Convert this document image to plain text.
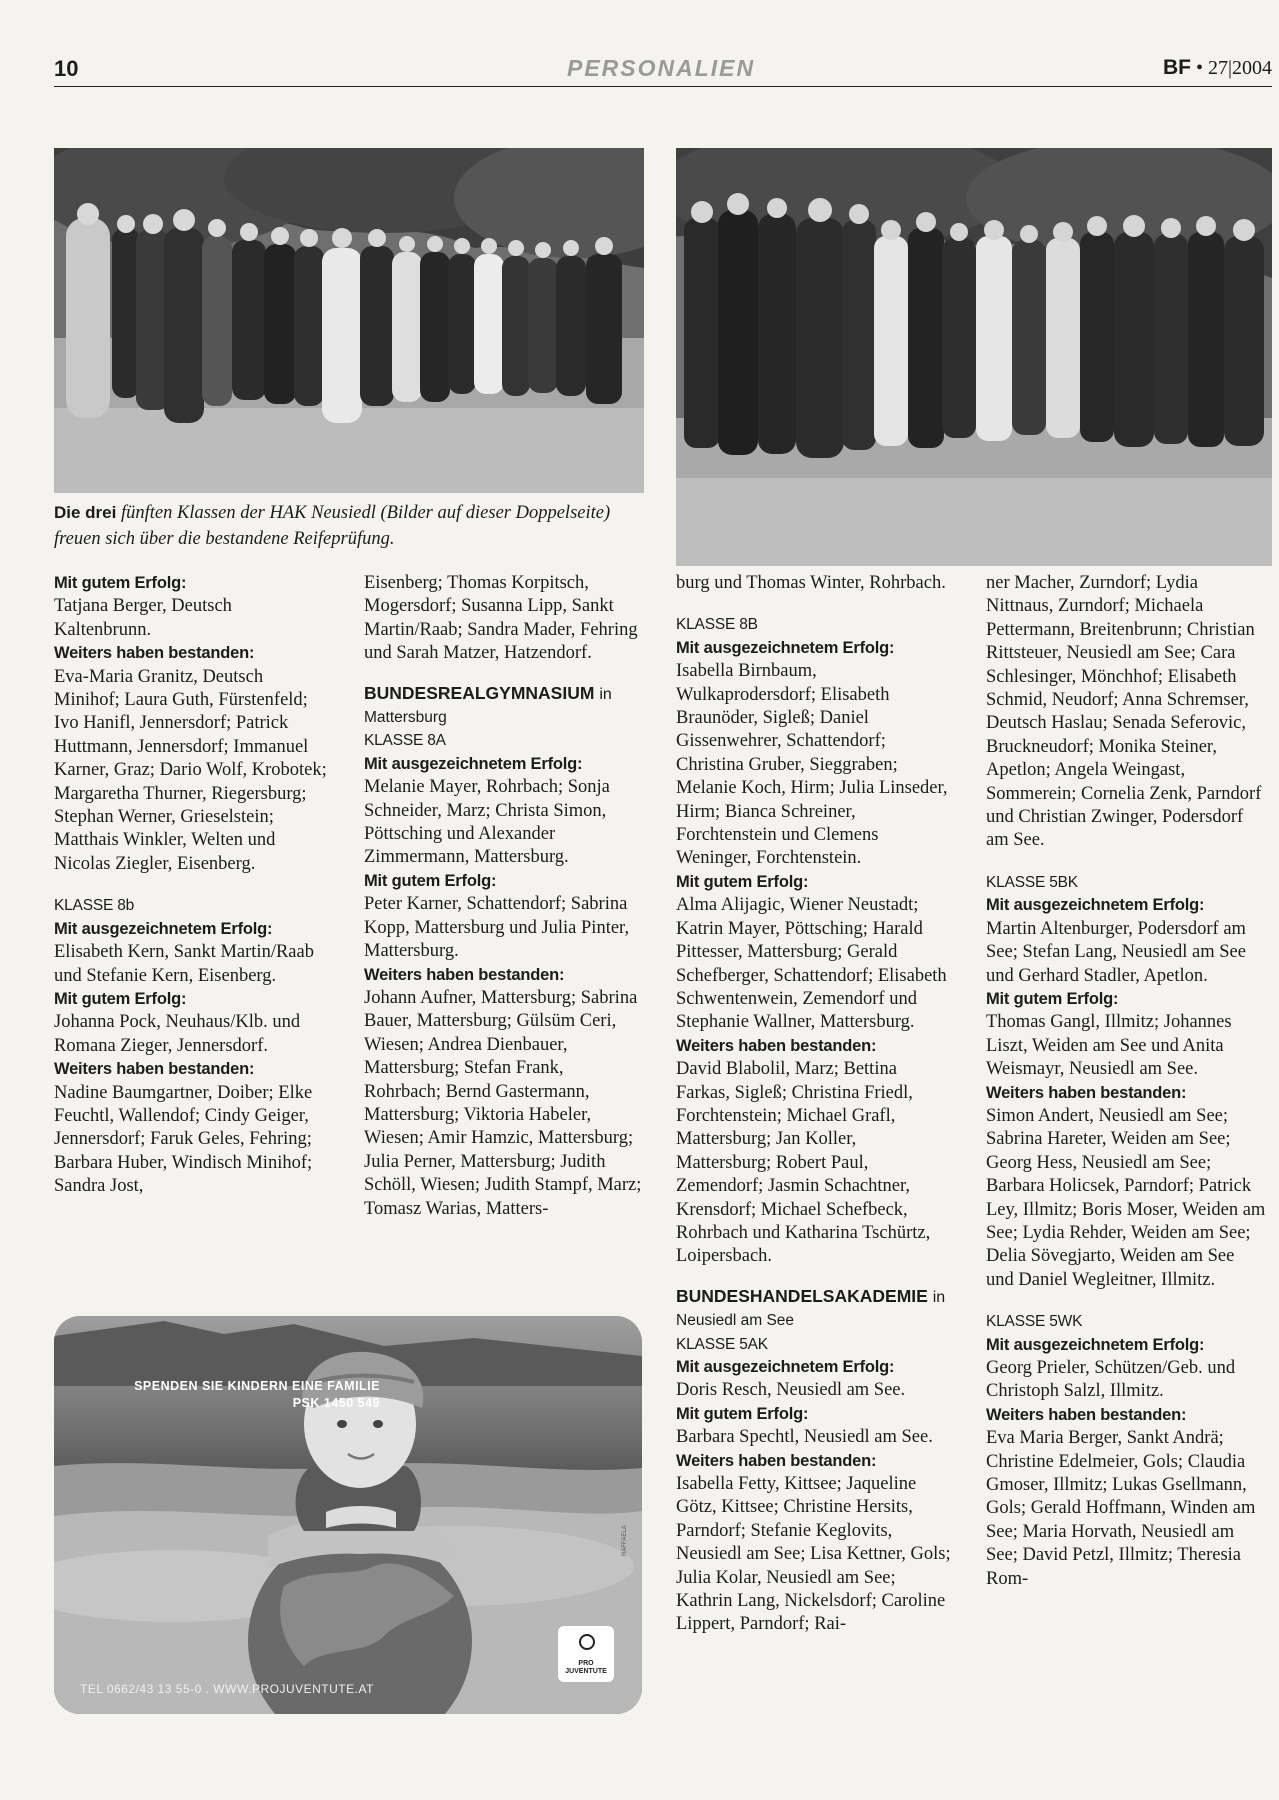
10	PERSONALIEN	BF • 27|2004
Die drei fünften Klassen der HAK Neusiedl (Bilder auf dieser Doppelseite) freuen sich über die bestandene Reifeprüfung.

Mit gutem Erfolg:

Tatjana Berger, Deutsch Kaltenbrunn.

Weiters haben bestanden:

Eva-Maria Granitz, Deutsch Minihof; Laura Guth, Fürstenfeld; Ivo Hanifl, Jennersdorf; Patrick Huttmann, Jennersdorf; Immanuel Karner, Graz; Dario Wolf, Krobotek; Margaretha Thurner, Riegersburg; Stephan Werner, Grieselstein; Matthais Winkler, Welten und Nicolas Ziegler, Eisenberg.

KLASSE 8b

Mit ausgezeichnetem Erfolg:

Elisabeth Kern, Sankt Martin/Raab und Stefanie Kern, Eisenberg.

Mit gutem Erfolg:

Johanna Pock, Neuhaus/Klb. und Romana Zieger, Jennersdorf.

Weiters haben bestanden:

Nadine Baumgartner, Doiber; Elke Feuchtl, Wallendof; Cindy Geiger, Jennersdorf; Faruk Geles, Fehring; Barbara Huber, Windisch Minihof; Sandra Jost,

Eisenberg; Thomas Korpitsch, Mogersdorf; Susanna Lipp, Sankt Martin/Raab; Sandra Mader, Fehring und Sarah Matzer, Hatzendorf.

BUNDESREALGYMNASIUM in

Mattersburg

KLASSE 8A

Mit ausgezeichnetem Erfolg:

Melanie Mayer, Rohrbach; Sonja Schneider, Marz; Christa Simon, Pöttsching und Alexander Zimmermann, Mattersburg.

Mit gutem Erfolg:

Peter Karner, Schattendorf; Sabrina Kopp, Mattersburg und Julia Pinter, Mattersburg.

Weiters haben bestanden:

Johann Aufner, Mattersburg; Sabrina Bauer, Mattersburg; Gülsüm Ceri, Wiesen; Andrea Dienbauer, Mattersburg; Stefan Frank, Rohrbach; Bernd Gastermann, Mattersburg; Viktoria Habeler, Wiesen; Amir Hamzic, Mattersburg; Julia Perner, Mattersburg; Judith Schöll, Wiesen; Judith Stampf, Marz; Tomasz Warias, Matters-

burg und Thomas Winter, Rohrbach.

KLASSE 8B

Mit ausgezeichnetem Erfolg:

Isabella Birnbaum, Wulkaprodersdorf; Elisabeth Braunöder, Sigleß; Daniel Gissenwehrer, Schattendorf; Christina Gruber, Sieggraben; Melanie Koch, Hirm; Julia Linseder, Hirm; Bianca Schreiner, Forchtenstein und Clemens Weninger, Forchtenstein.

Mit gutem Erfolg:

Alma Alijagic, Wiener Neustadt; Katrin Mayer, Pöttsching; Harald Pittesser, Mattersburg; Gerald Schefberger, Schattendorf; Elisabeth Schwentenwein, Zemendorf und Stephanie Wallner, Mattersburg.

Weiters haben bestanden:

David Blabolil, Marz; Bettina Farkas, Sigleß; Christina Friedl, Forchtenstein; Michael Grafl, Mattersburg; Jan Koller, Mattersburg; Robert Paul, Zemendorf; Jasmin Schachtner, Krensdorf; Michael Schefbeck, Rohrbach und Katharina Tschürtz, Loipersbach.

BUNDESHANDELSAKADEMIE in

Neusiedl am See

KLASSE 5AK

Mit ausgezeichnetem Erfolg:

Doris Resch, Neusiedl am See.

Mit gutem Erfolg:

Barbara Spechtl, Neusiedl am See.

Weiters haben bestanden:

Isabella Fetty, Kittsee; Jaqueline Götz, Kittsee; Christine Hersits, Parndorf; Stefanie Keglovits, Neusiedl am See; Lisa Kettner, Gols; Julia Kolar, Neusiedl am See; Kathrin Lang, Nickelsdorf; Caroline Lippert, Parndorf; Rai-

ner Macher, Zurndorf; Lydia Nittnaus, Zurndorf; Michaela Pettermann, Breitenbrunn; Christian Rittsteuer, Neusiedl am See; Cara Schlesinger, Mönchhof; Elisabeth Schmid, Neudorf; Anna Schremser, Deutsch Haslau; Senada Seferovic, Bruckneudorf; Monika Steiner, Apetlon; Angela Weingast, Sommerein; Cornelia Zenk, Parndorf und Christian Zwinger, Podersdorf am See.

KLASSE 5BK

Mit ausgezeichnetem Erfolg:

Martin Altenburger, Podersdorf am See; Stefan Lang, Neusiedl am See und Gerhard Stadler, Apetlon.

Mit gutem Erfolg:

Thomas Gangl, Illmitz; Johannes Liszt, Weiden am See und Anita Weismayr, Neusiedl am See.

Weiters haben bestanden:

Simon Andert, Neusiedl am See; Sabrina Hareter, Weiden am See; Georg Hess, Neusiedl am See; Barbara Holicsek, Parndorf; Patrick Ley, Illmitz; Boris Moser, Weiden am See; Lydia Rehder, Weiden am See; Delia Sövegjarto, Weiden am See und Daniel Wegleitner, Illmitz.

KLASSE 5WK

Mit ausgezeichnetem Erfolg:

Georg Prieler, Schützen/Geb. und Christoph Salzl, Illmitz.

Weiters haben bestanden:

Eva Maria Berger, Sankt Andrä; Christine Edelmeier, Gols; Claudia Gmoser, Illmitz; Lukas Gsellmann, Gols; Gerald Hoffmann, Winden am See; Maria Horvath, Neusiedl am See; David Petzl, Illmitz; Theresia Rom-

SPENDEN SIE KINDERN EINE FAMILIE
PSK 1450 549
TEL 0662/43 13 55-0 . WWW.PROJUVENTUTE.AT
PRO
JUVENTUTE
RAFFAELA
